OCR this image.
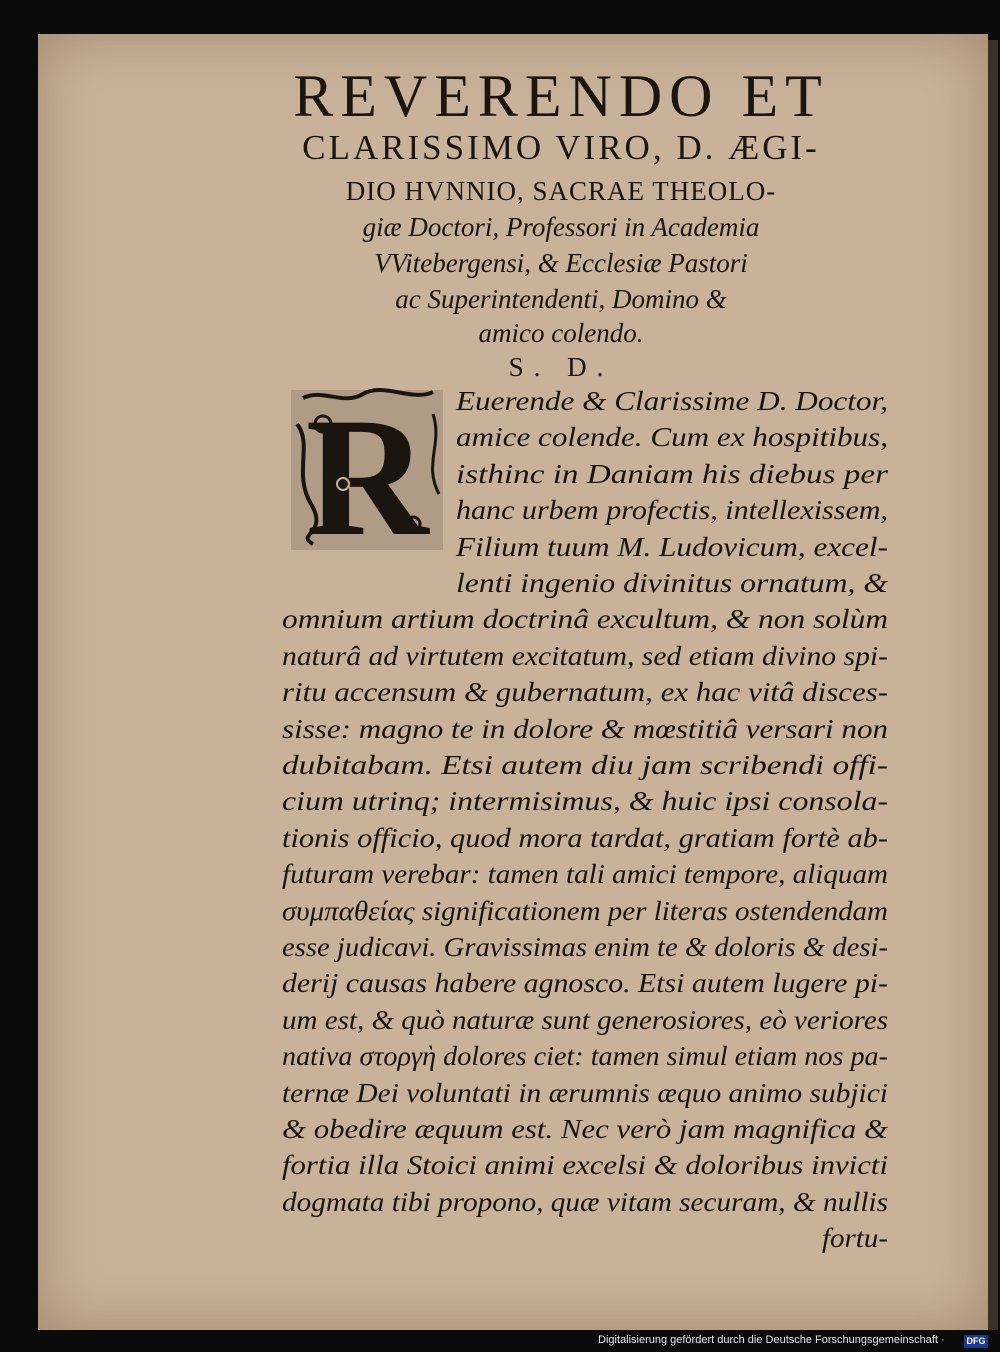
REVERENDO ET
CLARISSIMO VIRO, D. ÆGI-
DIO HVNNIO, SACRAE THEOLO-
giæ Doctori, Professori in Academia
VVitebergensi, & Ecclesiæ Pastori
ac Superintendenti, Domino &
amico colendo.
S. D.
R Euerende & Clarissime D. Doctor,
amice colende. Cum ex hospitibus,
isthinc in Daniam his diebus per
hanc urbem profectis, intellexissem,
Filium tuum M. Ludovicum, excel-
lenti ingenio divinitus ornatum, &
omnium artium doctrinâ excultum, & non solùm
naturâ ad virtutem excitatum, sed etiam divino spi-
ritu accensum & gubernatum, ex hac vitâ disces-
sisse: magno te in dolore & mœstitiâ versari non
dubitabam. Etsi autem diu jam scribendi offi-
cium utrinq; intermisimus, & huic ipsi consola-
tionis officio, quod mora tardat, gratiam fortè ab-
futuram verebar: tamen tali amici tempore, aliquam
συμπαθείας significationem per literas ostendendam
esse judicavi. Gravissimas enim te & doloris & desi-
derij causas habere agnosco. Etsi autem lugere pi-
um est, & quò naturæ sunt generosiores, eò veriores
nativa στοργὴ dolores ciet: tamen simul etiam nos pa-
ternæ Dei voluntati in ærumnis æquo animo subjici
& obedire æquum est. Nec verò jam magnifica &
fortia illa Stoici animi excelsi & doloribus invicti
dogmata tibi propono, quæ vitam securam, & nullis
fortu-
Digitalisierung gefördert durch die Deutsche Forschungsgemeinschaft · DFG
